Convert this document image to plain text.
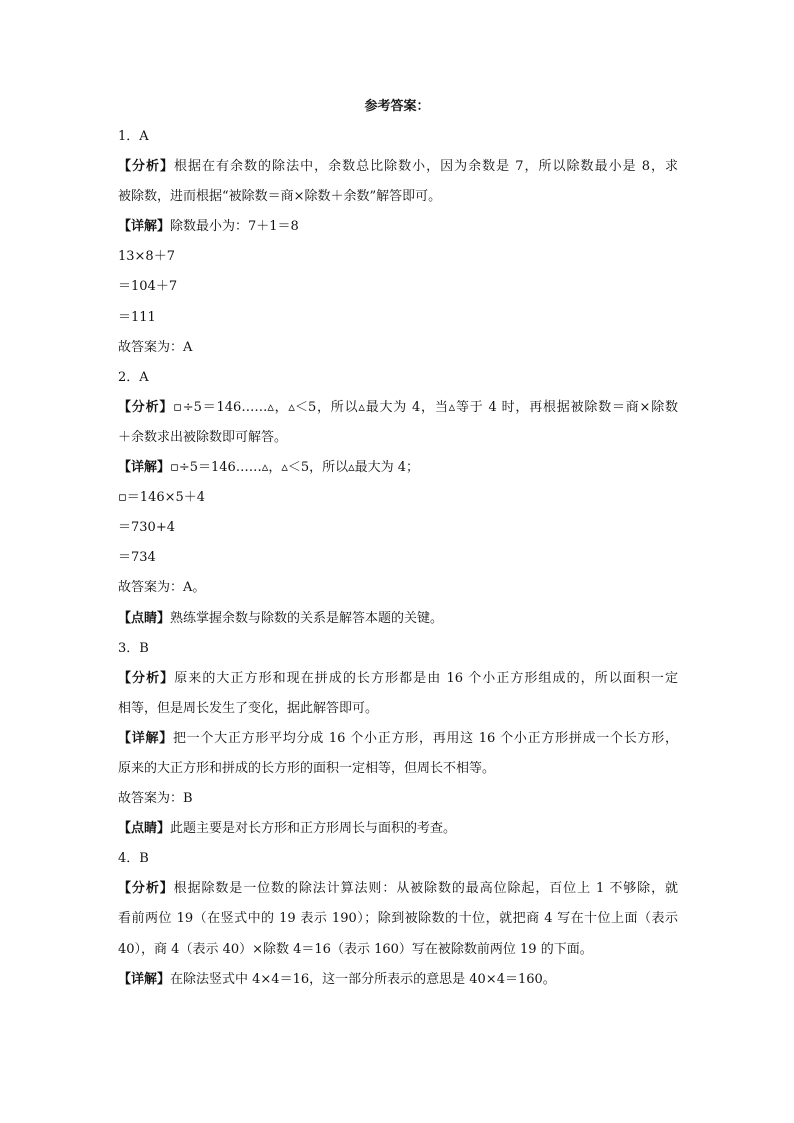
参考答案：
1．A
【分析】根据在有余数的除法中，余数总比除数小，因为余数是 7，所以除数最小是 8，求
被除数，进而根据“被除数＝商×除数＋余数”解答即可。
【详解】除数最小为：7＋1＝8
13×8＋7
＝104＋7
＝111
故答案为：A
2．A
【分析】▫÷5＝146……▵，▵＜5，所以▵最大为 4，当▵等于 4 时，再根据被除数＝商×除数
＋余数求出被除数即可解答。
【详解】▫÷5＝146……▵，▵＜5，所以▵最大为 4；
▫＝146×5＋4
＝730+4
＝734
故答案为：A。
【点睛】熟练掌握余数与除数的关系是解答本题的关键。
3．B
【分析】原来的大正方形和现在拼成的长方形都是由 16 个小正方形组成的，所以面积一定
相等，但是周长发生了变化，据此解答即可。
【详解】把一个大正方形平均分成 16 个小正方形，再用这 16 个小正方形拼成一个长方形，
原来的大正方形和拼成的长方形的面积一定相等，但周长不相等。
故答案为：B
【点睛】此题主要是对长方形和正方形周长与面积的考查。
4．B
【分析】根据除数是一位数的除法计算法则：从被除数的最高位除起，百位上 1 不够除，就
看前两位 19（在竖式中的 19 表示 190）；除到被除数的十位，就把商 4 写在十位上面（表示
40），商 4（表示 40）×除数 4＝16（表示 160）写在被除数前两位 19 的下面。
【详解】在除法竖式中 4×4＝16，这一部分所表示的意思是 40×4＝160。
